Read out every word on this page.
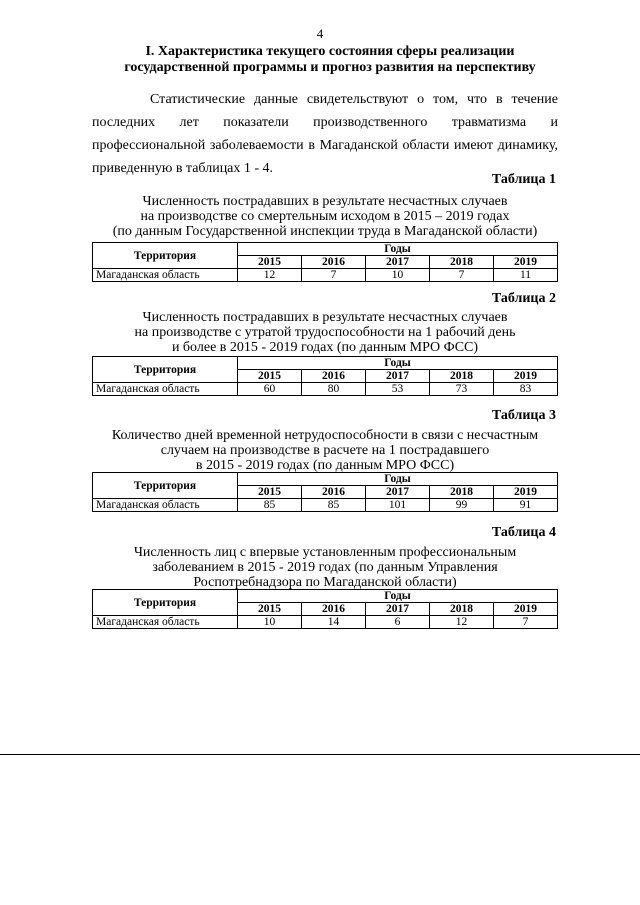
4
I. Характеристика текущего состояния сферы реализации
государственной программы и прогноз развития на перспективу
Статистические данные свидетельствуют о том, что в течение последних лет показатели производственного травматизма и профессиональной заболеваемости в Магаданской области имеют динамику, приведенную в таблицах 1 - 4.
Таблица 1
Численность пострадавших в результате несчастных случаев
на производстве со смертельным исходом в 2015 – 2019 годах
(по данным Государственной инспекции труда в Магаданской области)
Территория	Годы				
	2015	2016	2017	2018	2019
Магаданская область	12	7	10	7	11
Таблица 2
Численность пострадавших в результате несчастных случаев
на производстве с утратой трудоспособности на 1 рабочий день
и более в 2015 - 2019 годах (по данным МРО ФСС)
Территория	Годы				
	2015	2016	2017	2018	2019
Магаданская область	60	80	53	73	83
Таблица 3
Количество дней временной нетрудоспособности в связи с несчастным
случаем на производстве в расчете на 1 пострадавшего
в 2015 - 2019 годах (по данным МРО ФСС)
Территория	Годы				
	2015	2016	2017	2018	2019
Магаданская область	85	85	101	99	91
Таблица 4
Численность лиц с впервые установленным профессиональным
заболеванием в 2015 - 2019 годах (по данным Управления
Роспотребнадзора по Магаданской области)
Территория	Годы				
	2015	2016	2017	2018	2019
Магаданская область	10	14	6	12	7
